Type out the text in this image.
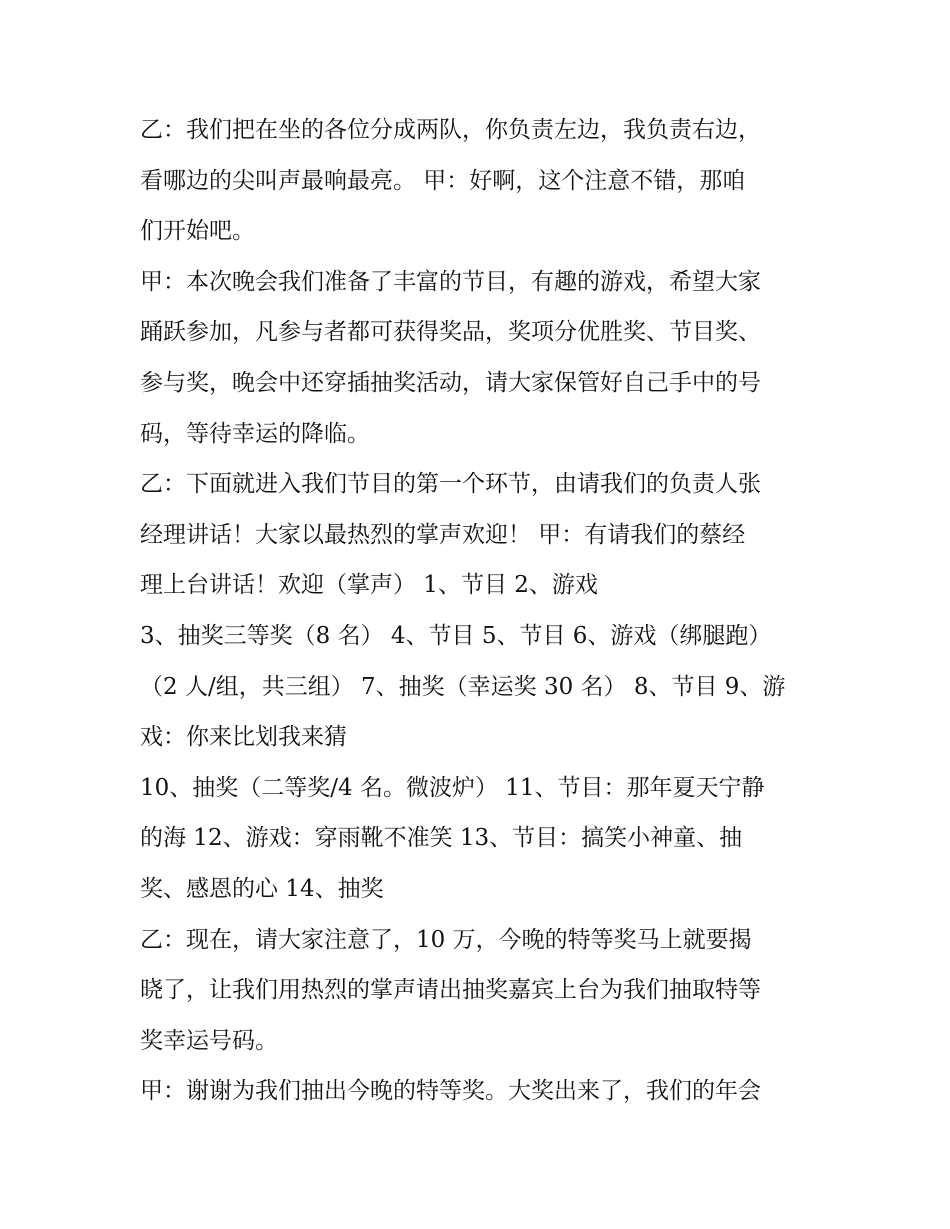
乙：我们把在坐的各位分成两队，你负责左边，我负责右边，
看哪边的尖叫声最响最亮。 甲：好啊，这个注意不错，那咱
们开始吧。
甲：本次晚会我们准备了丰富的节目，有趣的游戏，希望大家
踊跃参加，凡参与者都可获得奖品，奖项分优胜奖、节目奖、
参与奖，晚会中还穿插抽奖活动，请大家保管好自己手中的号
码，等待幸运的降临。
乙：下面就进入我们节目的第一个环节，由请我们的负责人张
经理讲话！大家以最热烈的掌声欢迎！ 甲：有请我们的蔡经
理上台讲话！欢迎（掌声） 1、节目 2、游戏
3、抽奖三等奖（8 名） 4、节目 5、节目 6、游戏（绑腿跑）
（2 人/组，共三组） 7、抽奖（幸运奖 30 名） 8、节目 9、游
戏：你来比划我来猜
10、抽奖（二等奖/4 名。微波炉） 11、节目：那年夏天宁静
的海 12、游戏：穿雨靴不准笑 13、节目：搞笑小神童、抽
奖、感恩的心 14、抽奖
乙：现在，请大家注意了，10 万，今晚的特等奖马上就要揭
晓了，让我们用热烈的掌声请出抽奖嘉宾上台为我们抽取特等
奖幸运号码。
甲：谢谢为我们抽出今晚的特等奖。大奖出来了，我们的年会
